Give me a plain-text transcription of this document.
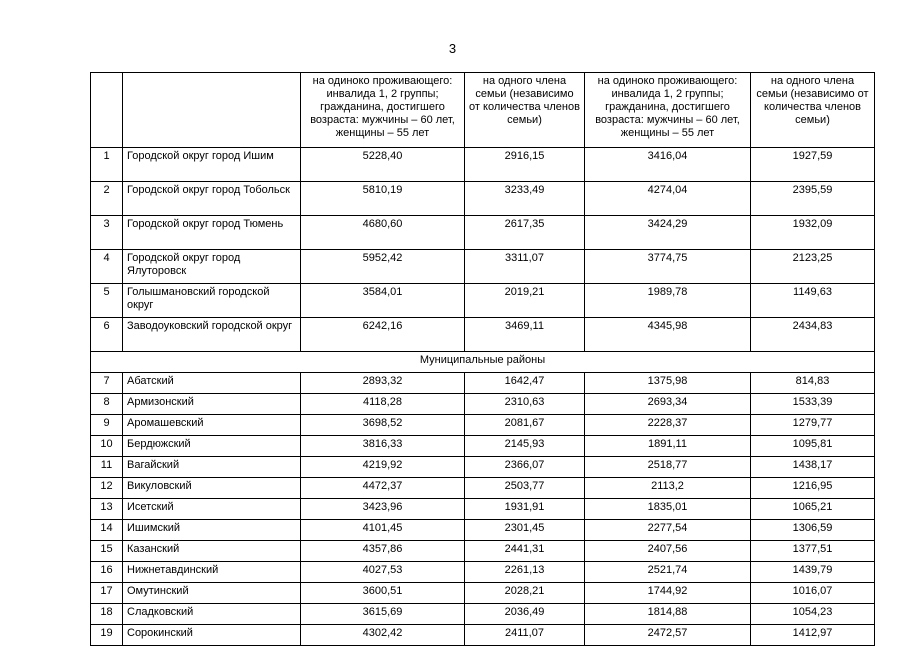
3
		на одиноко проживающего: инвалида 1, 2 группы; гражданина, достигшего возраста: мужчины – 60 лет, женщины – 55 лет	на одного члена семьи (независимо от количества членов семьи)	на одиноко проживающего: инвалида 1, 2 группы; гражданина, достигшего возраста: мужчины – 60 лет, женщины – 55 лет	на одного члена семьи (независимо от количества членов семьи)
1	Городской округ город Ишим	5228,40	2916,15	3416,04	1927,59
2	Городской округ город Тобольск	5810,19	3233,49	4274,04	2395,59
3	Городской округ город Тюмень	4680,60	2617,35	3424,29	1932,09
4	Городской округ город Ялуторовск	5952,42	3311,07	3774,75	2123,25
5	Голышмановский городской округ	3584,01	2019,21	1989,78	1149,63
6	Заводоуковский городской округ	6242,16	3469,11	4345,98	2434,83
Муниципальные районы					
7	Абатский	2893,32	1642,47	1375,98	814,83
8	Армизонский	4118,28	2310,63	2693,34	1533,39
9	Аромашевский	3698,52	2081,67	2228,37	1279,77
10	Бердюжский	3816,33	2145,93	1891,11	1095,81
11	Вагайский	4219,92	2366,07	2518,77	1438,17
12	Викуловский	4472,37	2503,77	2113,2	1216,95
13	Исетский	3423,96	1931,91	1835,01	1065,21
14	Ишимский	4101,45	2301,45	2277,54	1306,59
15	Казанский	4357,86	2441,31	2407,56	1377,51
16	Нижнетавдинский	4027,53	2261,13	2521,74	1439,79
17	Омутинский	3600,51	2028,21	1744,92	1016,07
18	Сладковский	3615,69	2036,49	1814,88	1054,23
19	Сорокинский	4302,42	2411,07	2472,57	1412,97
